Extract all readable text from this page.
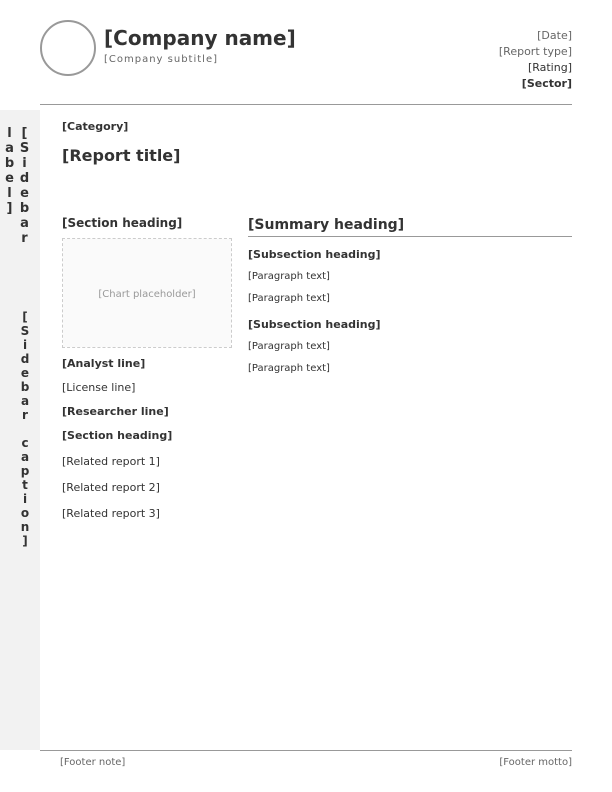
[Company name]
[Company subtitle]
[Date]
[Report type]
[Rating]
[Sector]
[Sidebar label]
[Sidebar caption]
[Category]
[Report title]
[Section heading]
[Chart placeholder]
[Analyst line]
[License line]
[Researcher line]
[Section heading]
[Related report 1]
[Related report 2]
[Related report 3]
[Summary heading]
[Subsection heading]
[Paragraph text]
[Paragraph text]
[Subsection heading]
[Paragraph text]
[Paragraph text]
[Footer note]	[Footer motto]
